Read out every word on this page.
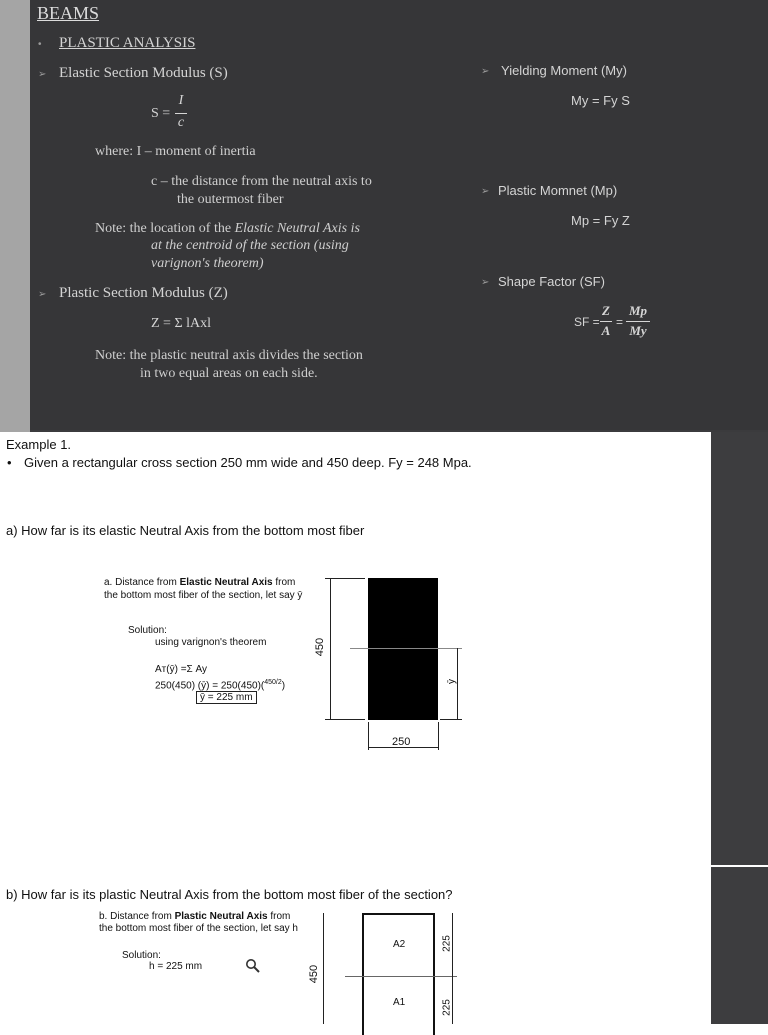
BEAMS
• PLASTIC ANALYSIS
➢ Elastic Section Modulus (S)
S =
I
c
where: I – moment of inertia
c – the distance from the neutral axis to
the outermost fiber
Note: the location of the Elastic Neutral Axis is
at the centroid of the section (using
varignon's theorem)
➢ Plastic Section Modulus (Z)
Z = Σ lAxl
Note: the plastic neutral axis divides the section
in two equal areas on each side.
➢ Yielding Moment (My)
My = Fy S
➢ Plastic Momnet (Mp)
Mp = Fy Z
➢ Shape Factor (SF)
SF =
Z
A
=
Mp
My
Example 1.
• Given a rectangular cross section 250 mm wide and 450 deep. Fy = 248 Mpa.
a) How far is its elastic Neutral Axis from the bottom most fiber
a. Distance from Elastic Neutral Axis from
the bottom most fiber of the section, let say ȳ
Solution:
using varignon's theorem
Aт(ȳ) =Σ Ay
250(450) (ȳ) = 250(450)($^{450/2}$)
ȳ = 225 mm
450
ȳ
250
b) How far is its plastic Neutral Axis from the bottom most fiber of the section?
b. Distance from Plastic Neutral Axis from
the bottom most fiber of the section, let say h
Solution:
h = 225 mm	450
A2
A1
225
225
